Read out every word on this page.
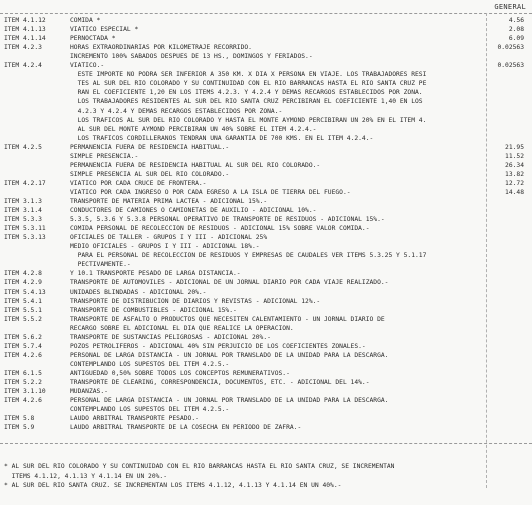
GENERAL
ITEM 4.1.12	COMIDA *	4.56
ITEM 4.1.13	VIATICO ESPECIAL *	2.08
ITEM 4.1.14	PERNOCTADA *	6.09
ITEM 4.2.3	HORAS EXTRAORDINARIAS POR KILOMETRAJE RECORRIDO.	0.02563
INCREMENTO 100% SABADOS DESPUES DE 13 HS., DOMINGOS Y FERIADOS.-
ITEM 4.2.4	VIATICO.-	0.02563
ESTE IMPORTE NO PODRA SER INFERIOR A 350 KM. X DIA X PERSONA EN VIAJE. LOS TRABAJADORES RESI
TES AL SUR DEL RIO COLORADO Y SU CONTINUIDAD CON EL RIO BARRANCAS HASTA EL RIO SANTA CRUZ PE
RAN EL COEFICIENTE 1,20 EN LOS ITEMS 4.2.3. Y 4.2.4 Y DEMAS RECARGOS ESTABLECIDOS POR ZONA.
LOS TRABAJADORES RESIDENTES AL SUR DEL RIO SANTA CRUZ PERCIBIRAN EL COEFICIENTE 1,40 EN LOS
4.2.3 Y 4.2.4 Y DEMAS RECARGOS ESTABLECIDOS POR ZONA.-
LOS TRAFICOS AL SUR DEL RIO COLORADO Y HASTA EL MONTE AYMOND PERCIBIRAN UN 20% EN EL ITEM 4.
AL SUR DEL MONTE AYMOND PERCIBIRAN UN 40% SOBRE EL ITEM 4.2.4.-
LOS TRAFICOS CORDILLERANOS TENDRAN UNA GARANTIA DE 700 KMS. EN EL ITEM 4.2.4.-
ITEM 4.2.5	PERMANENCIA FUERA DE RESIDENCIA HABITUAL.-	21.95
SIMPLE PRESENCIA.-	11.52
PERMANENCIA FUERA DE RESIDENCIA HABITUAL AL SUR DEL RIO COLORADO.-	26.34
SIMPLE PRESENCIA AL SUR DEL RIO COLORADO.-	13.82
ITEM 4.2.17	VIATICO POR CADA CRUCE DE FRONTERA.-	12.72
VIATICO POR CADA INGRESO O POR CADA EGRESO A LA ISLA DE TIERRA DEL FUEGO.-	14.48
ITEM 3.1.3	TRANSPORTE DE MATERIA PRIMA LACTEA - ADICIONAL 15%.-
ITEM 3.1.4	CONDUCTORES DE CAMIONES O CAMIONETAS DE AUXILIO - ADICIONAL 10%.-
ITEM 5.3.3	5.3.5, 5.3.6 Y 5.3.8 PERSONAL OPERATIVO DE TRANSPORTE DE RESIDUOS - ADICIONAL 15%.-
ITEM 5.3.11	COMIDA PERSONAL DE RECOLECCION DE RESIDUOS - ADICIONAL 15% SOBRE VALOR COMIDA.-
ITEM 5.3.13	OFICIALES DE TALLER - GRUPOS I Y III - ADICIONAL 25%
MEDIO OFICIALES - GRUPOS I Y III - ADICIONAL 18%.-
PARA EL PERSONAL DE RECOLECCION DE RESIDUOS Y EMPRESAS DE CAUDALES VER ITEMS 5.3.25 Y 5.1.17
PECTIVAMENTE.-
ITEM 4.2.8	Y 10.1 TRANSPORTE PESADO DE LARGA DISTANCIA.-
ITEM 4.2.9	TRANSPORTE DE AUTOMOVILES - ADICIONAL DE UN JORNAL DIARIO POR CADA VIAJE REALIZADO.-
ITEM 5.4.13	UNIDADES BLINDADAS - ADICIONAL 20%.-
ITEM 5.4.1	TRANSPORTE DE DISTRIBUCION DE DIARIOS Y REVISTAS - ADICIONAL 12%.-
ITEM 5.5.1	TRANSPORTE DE COMBUSTIBLES - ADICIONAL 15%.-
ITEM 5.5.2	TRANSPORTE DE ASFALTO O PRODUCTOS QUE NECESITEN CALENTAMIENTO - UN JORNAL DIARIO DE
RECARGO SOBRE EL ADICIONAL EL DIA QUE REALICE LA OPERACION.
ITEM 5.6.2	TRANSPORTE DE SUSTANCIAS PELIGROSAS - ADICIONAL 20%.-
ITEM 5.7.4	POZOS PETROLIFEROS - ADICIONAL 40% SIN PERJUICIO DE LOS COEFICIENTES ZONALES.-
ITEM 4.2.6	PERSONAL DE LARGA DISTANCIA - UN JORNAL POR TRANSLADO DE LA UNIDAD PARA LA DESCARGA.
CONTEMPLANDO LOS SUPESTOS DEL ITEM 4.2.5.-
ITEM 6.1.5	ANTIGUEDAD 0,50% SOBRE TODOS LOS CONCEPTOS REMUNERATIVOS.-
ITEM 5.2.2	TRANSPORTE DE CLEARING, CORRESPONDENCIA, DOCUMENTOS, ETC. - ADICIONAL DEL 14%.-
ITEM 3.1.10	MUDANZAS.-
ITEM 4.2.6	PERSONAL DE LARGA DISTANCIA - UN JORNAL POR TRANSLADO DE LA UNIDAD PARA LA DESCARGA.
CONTEMPLANDO LOS SUPESTOS DEL ITEM 4.2.5.-
ITEM 5.8	LAUDO ARBITRAL TRANSPORTE PESADO.-
ITEM 5.9	LAUDO ARBITRAL TRANSPORTE DE LA COSECHA EN PERIODO DE ZAFRA.-
* AL SUR DEL RIO COLORADO Y SU CONTINUIDAD CON EL RIO BARRANCAS HASTA EL RIO SANTA CRUZ, SE INCREMENTAN
ITEMS 4.1.12, 4.1.13 Y 4.1.14 EN UN 20%.-
* AL SUR DEL RIO SANTA CRUZ. SE INCREMENTAN LOS ITEMS 4.1.12, 4.1.13 Y 4.1.14 EN UN 40%.-
